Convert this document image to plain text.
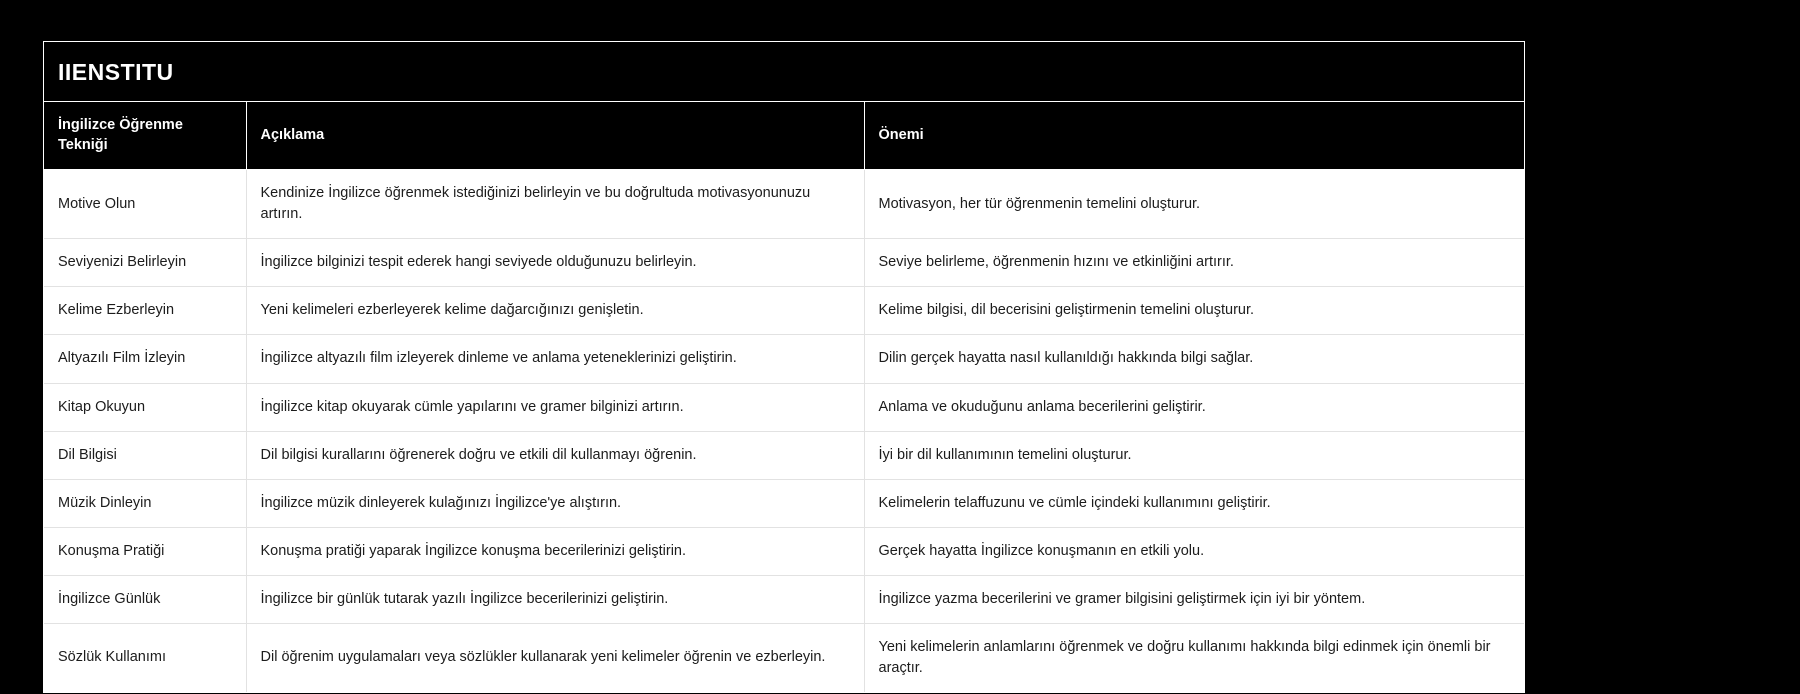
IIENSTITU
İngilizce Öğrenme Tekniği	Açıklama	Önemi
Motive Olun	Kendinize İngilizce öğrenmek istediğinizi belirleyin ve bu doğrultuda motivasyonunuzu artırın.	Motivasyon, her tür öğrenmenin temelini oluşturur.
Seviyenizi Belirleyin	İngilizce bilginizi tespit ederek hangi seviyede olduğunuzu belirleyin.	Seviye belirleme, öğrenmenin hızını ve etkinliğini artırır.
Kelime Ezberleyin	Yeni kelimeleri ezberleyerek kelime dağarcığınızı genişletin.	Kelime bilgisi, dil becerisini geliştirmenin temelini oluşturur.
Altyazılı Film İzleyin	İngilizce altyazılı film izleyerek dinleme ve anlama yeteneklerinizi geliştirin.	Dilin gerçek hayatta nasıl kullanıldığı hakkında bilgi sağlar.
Kitap Okuyun	İngilizce kitap okuyarak cümle yapılarını ve gramer bilginizi artırın.	Anlama ve okuduğunu anlama becerilerini geliştirir.
Dil Bilgisi	Dil bilgisi kurallarını öğrenerek doğru ve etkili dil kullanmayı öğrenin.	İyi bir dil kullanımının temelini oluşturur.
Müzik Dinleyin	İngilizce müzik dinleyerek kulağınızı İngilizce'ye alıştırın.	Kelimelerin telaffuzunu ve cümle içindeki kullanımını geliştirir.
Konuşma Pratiği	Konuşma pratiği yaparak İngilizce konuşma becerilerinizi geliştirin.	Gerçek hayatta İngilizce konuşmanın en etkili yolu.
İngilizce Günlük	İngilizce bir günlük tutarak yazılı İngilizce becerilerinizi geliştirin.	İngilizce yazma becerilerini ve gramer bilgisini geliştirmek için iyi bir yöntem.
Sözlük Kullanımı	Dil öğrenim uygulamaları veya sözlükler kullanarak yeni kelimeler öğrenin ve ezberleyin.	Yeni kelimelerin anlamlarını öğrenmek ve doğru kullanımı hakkında bilgi edinmek için önemli bir araçtır.
